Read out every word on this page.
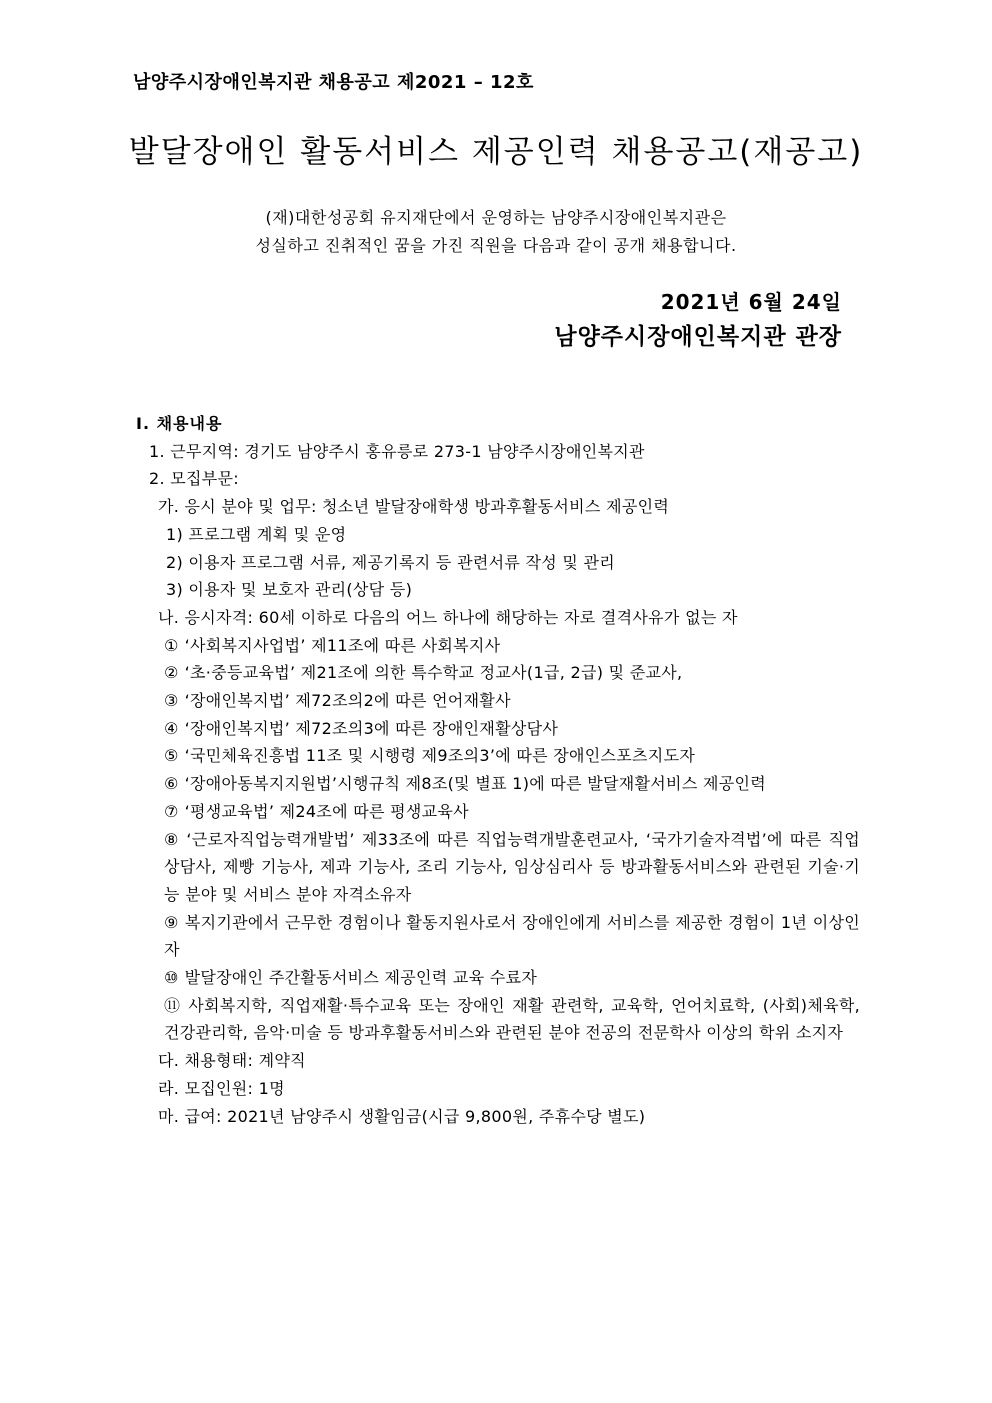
남양주시장애인복지관 채용공고 제2021 – 12호
발달장애인 활동서비스 제공인력 채용공고(재공고)
(재)대한성공회 유지재단에서 운영하는 남양주시장애인복지관은
성실하고 진취적인 꿈을 가진 직원을 다음과 같이 공개 채용합니다.
2021년 6월 24일
남양주시장애인복지관 관장
Ⅰ. 채용내용
1. 근무지역: 경기도 남양주시 홍유릉로 273-1 남양주시장애인복지관
2. 모집부문:
가. 응시 분야 및 업무: 청소년 발달장애학생 방과후활동서비스 제공인력
1) 프로그램 계획 및 운영
2) 이용자 프로그램 서류, 제공기록지 등 관련서류 작성 및 관리
3) 이용자 및 보호자 관리(상담 등)
나. 응시자격: 60세 이하로 다음의 어느 하나에 해당하는 자로 결격사유가 없는 자
① ‘사회복지사업법’ 제11조에 따른 사회복지사
② ‘초·중등교육법’ 제21조에 의한 특수학교 정교사(1급, 2급) 및 준교사,
③ ‘장애인복지법’ 제72조의2에 따른 언어재활사
④ ‘장애인복지법’ 제72조의3에 따른 장애인재활상담사
⑤ ‘국민체육진흥법 11조 및 시행령 제9조의3’에 따른 장애인스포츠지도자
⑥ ‘장애아동복지지원법’시행규칙 제8조(및 별표 1)에 따른 발달재활서비스 제공인력
⑦ ‘평생교육법’ 제24조에 따른 평생교육사
⑧ ‘근로자직업능력개발법’ 제33조에 따른 직업능력개발훈련교사, ‘국가기술자격법’에 따른 직업상담사, 제빵 기능사, 제과 기능사, 조리 기능사, 임상심리사 등 방과활동서비스와 관련된 기술·기능 분야 및 서비스 분야 자격소유자
⑨ 복지기관에서 근무한 경험이나 활동지원사로서 장애인에게 서비스를 제공한 경험이 1년 이상인 자
⑩ 발달장애인 주간활동서비스 제공인력 교육 수료자
⑪ 사회복지학, 직업재활·특수교육 또는 장애인 재활 관련학, 교육학, 언어치료학, (사회)체육학, 건강관리학, 음악·미술 등 방과후활동서비스와 관련된 분야 전공의 전문학사 이상의 학위 소지자
다. 채용형태: 계약직
라. 모집인원: 1명
마. 급여: 2021년 남양주시 생활임금(시급 9,800원, 주휴수당 별도)
